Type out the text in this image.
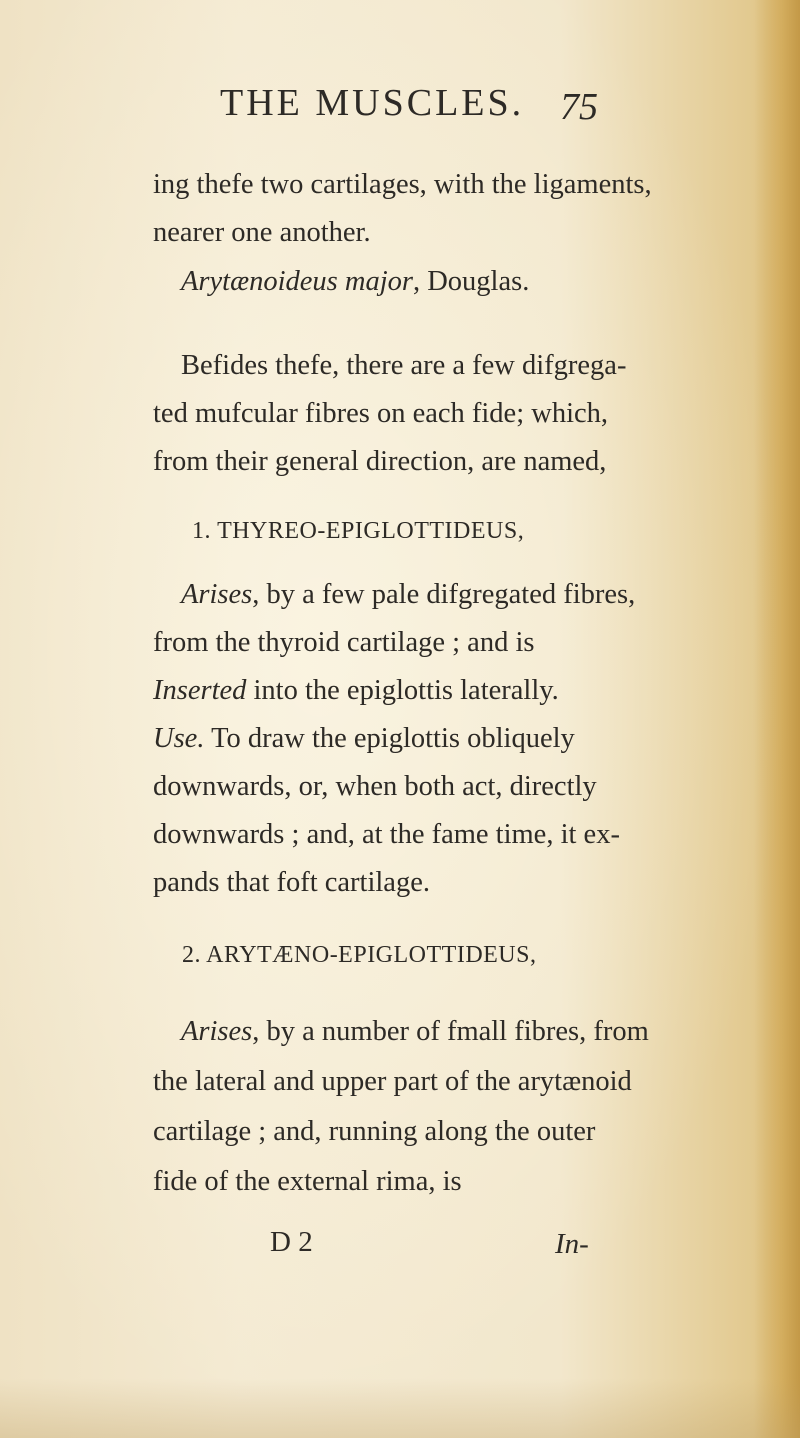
THE MUSCLES. 75
ing thefe two cartilages, with the ligaments,
nearer one another.
Arytænoideus major, Douglas.
Befides thefe, there are a few difgrega-
ted mufcular fibres on each fide; which,
from their general direction, are named,
1. THYREO-EPIGLOTTIDEUS,
Arises, by a few pale difgregated fibres,
from the thyroid cartilage ; and is
Inserted into the epiglottis laterally.
Use. To draw the epiglottis obliquely
downwards, or, when both act, directly
downwards ; and, at the fame time, it ex-
pands that foft cartilage.
2. ARYTÆNO-EPIGLOTTIDEUS,
Arises, by a number of fmall fibres, from
the lateral and upper part of the arytænoid
cartilage ; and, running along the outer
fide of the external rima, is
D 2	In-
